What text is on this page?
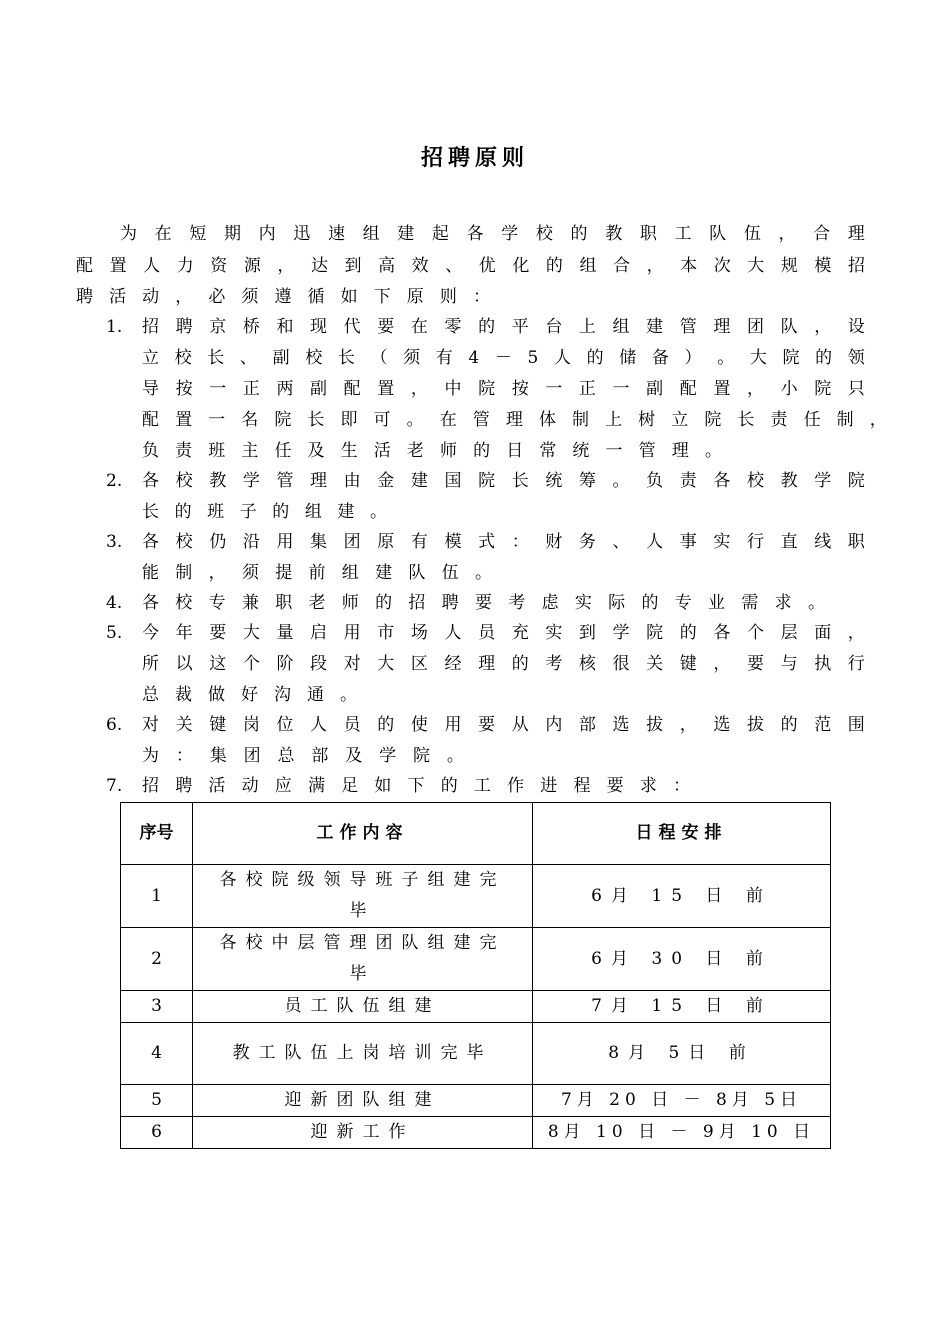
招聘原则
为 在 短 期 内 迅 速 组 建 起 各 学 校 的 教 职 工 队 伍 ， 合 理
配 置 人 力 资 源 ， 达 到 高 效 、 优 化 的 组 合 ， 本 次 大 规 模 招
聘 活 动 ， 必 须 遵 循 如 下 原 则 ：
1. 招 聘 京 桥 和 现 代 要 在 零 的 平 台 上 组 建 管 理 团 队 ， 设
立 校 长 、 副 校 长 （ 须 有 4 － 5 人 的 储 备 ） 。 大 院 的 领
导 按 一 正 两 副 配 置 ， 中 院 按 一 正 一 副 配 置 ， 小 院 只
配 置 一 名 院 长 即 可 。 在 管 理 体 制 上 树 立 院 长 责 任 制 ，
负 责 班 主 任 及 生 活 老 师 的 日 常 统 一 管 理 。
2. 各 校 教 学 管 理 由 金 建 国 院 长 统 筹 。 负 责 各 校 教 学 院
长 的 班 子 的 组 建 。
3. 各 校 仍 沿 用 集 团 原 有 模 式 ： 财 务 、 人 事 实 行 直 线 职
能 制 ， 须 提 前 组 建 队 伍 。
4. 各 校 专 兼 职 老 师 的 招 聘 要 考 虑 实 际 的 专 业 需 求 。
5. 今 年 要 大 量 启 用 市 场 人 员 充 实 到 学 院 的 各 个 层 面 ，
所 以 这 个 阶 段 对 大 区 经 理 的 考 核 很 关 键 ， 要 与 执 行
总 裁 做 好 沟 通 。
6. 对 关 键 岗 位 人 员 的 使 用 要 从 内 部 选 拔 ， 选 拔 的 范 围
为 ： 集 团 总 部 及 学 院 。
7. 招 聘 活 动 应 满 足 如 下 的 工 作 进 程 要 求 ：
序号	工作内容	日程安排
1	各校院级领导班子组建完毕	6月 15 日 前
2	各校中层管理团队组建完毕	6月 30 日 前
3	员工队伍组建	7月 15 日 前
4	教工队伍上岗培训完毕	8月 5日 前
5	迎新团队组建	7月 20 日 － 8月 5日
6	迎新工作	8月 10 日 － 9月 10 日
